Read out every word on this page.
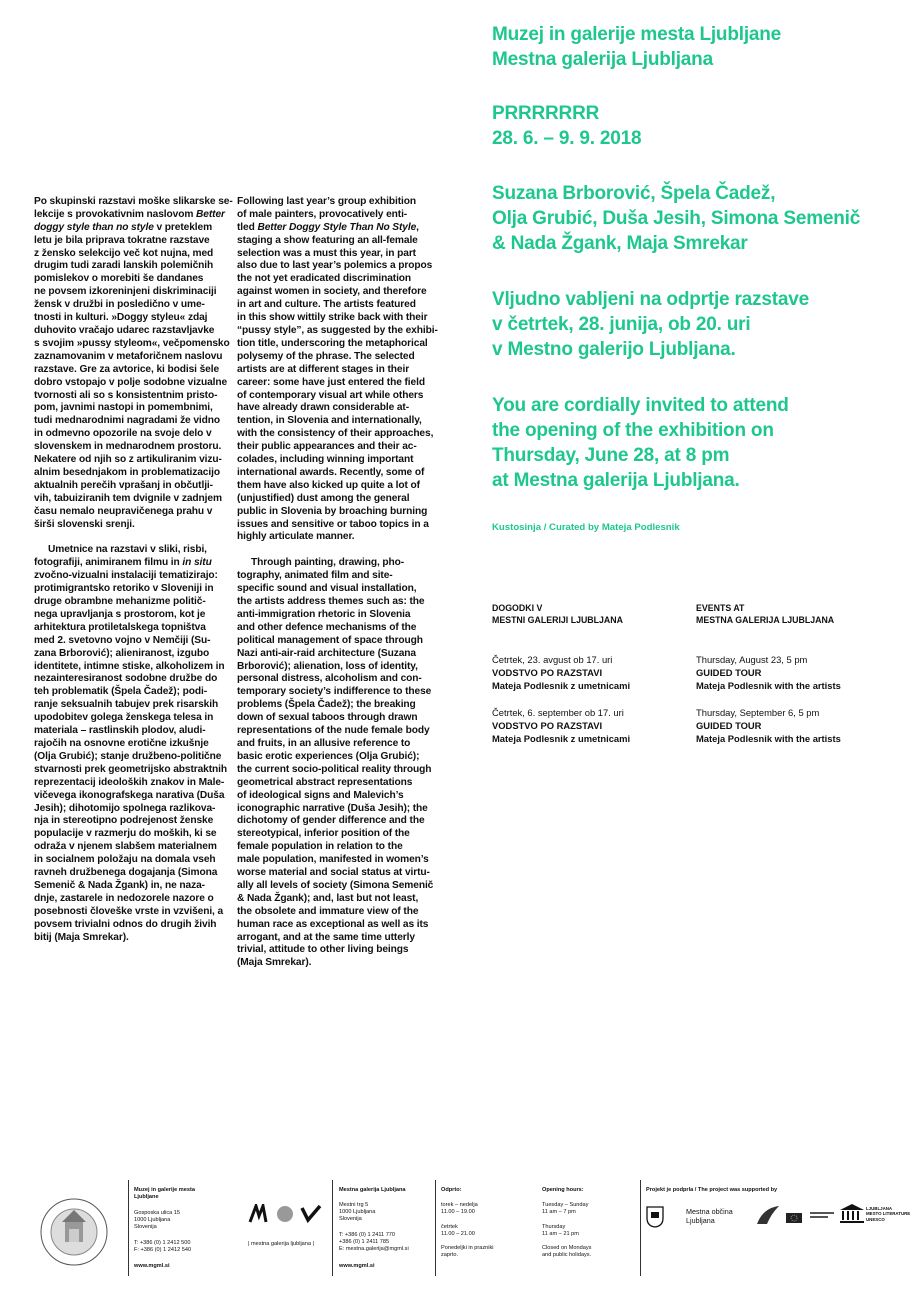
Muzej in galerije mesta Ljubljane
Mestna galerija Ljubljana
PRRRRRRR
28. 6. – 9. 9. 2018
Suzana Brborović, Špela Čadež,
Olja Grubić, Duša Jesih, Simona Semenič
& Nada Žgank, Maja Smrekar
Vljudno vabljeni na odprtje razstave
v četrtek, 28. junija, ob 20. uri
v Mestno galerijo Ljubljana.
You are cordially invited to attend
the opening of the exhibition on
Thursday, June 28, at 8 pm
at Mestna galerija Ljubljana.
Kustosinja / Curated by Mateja Podlesnik

Po skupinski razstavi moške slikarske se-
lekcije s provokativnim naslovom Better
doggy style than no style v preteklem
letu je bila priprava tokratne razstave
z žensko selekcijo več kot nujna, med
drugim tudi zaradi lanskih polemičnih
pomislekov o morebiti še dandanes
ne povsem izkoreninjeni diskriminaciji
žensk v družbi in posledično v ume-
tnosti in kulturi. »Doggy styleu« zdaj
duhovito vračajo udarec razstavljavke
s svojim »pussy styleom«, večpomensko
zaznamovanim v metaforičnem naslovu
razstave. Gre za avtorice, ki bodisi šele
dobro vstopajo v polje sodobne vizualne
tvornosti ali so s konsistentnim pristo-
pom, javnimi nastopi in pomembnimi,
tudi mednarodnimi nagradami že vidno
in odmevno opozorile na svoje delo v
slovenskem in mednarodnem prostoru.
Nekatere od njih so z artikuliranim vizu-
alnim besednjakom in problematizacijo
aktualnih perečih vprašanj in občutlji-
vih, tabuiziranih tem dvignile v zadnjem
času nemalo neupravičenega prahu v
širši slovenski srenji.

Umetnice na razstavi v sliki, risbi,
fotografiji, animiranem filmu in in situ
zvočno-vizualni instalaciji tematizirajo:
protimigrantsko retoriko v Sloveniji in
druge obrambne mehanizme politič-
nega upravljanja s prostorom, kot je
arhitektura protiletalskega topništva
med 2. svetovno vojno v Nemčiji (Su-
zana Brborović); alienirano​st, izgubo
identitete, intimne stiske, alkoholizem in
nezainteresiranost sodobne družbe do
teh problematik (Špela Čadež); podi-
ranje seksualnih tabujev prek risarskih
upodobitev golega ženskega telesa in
materiala – rastlinskih plodov, aludi-
rajočih na osnovne erotične izkušnje
(Olja Grubić); stanje družbeno-politične
stvarnosti prek geometrijsko abstraktnih
reprezentacij ideoloških znakov in Male-
vičevega ikonografskega narativa (Duša
Jesih); dihotomijo spolnega razlikova-
nja in stereotipno podrejenost ženske
populacije v razmerju do moških, ki se
odraža v njenem slabšem materialnem
in socialnem položaju na domala vseh
ravneh družbenega dogajanja (Simona
Semenič & Nada Žgank) in, ne naza-
dnje, zastarele in nedozorele nazore o
posebnosti človeške vrste in vzvišeni, a
povsem trivialni odnos do drugih živih
bitij (Maja Smrekar).

Following last year’s group exhibition
of male painters, provocatively enti-
tled Better Doggy Style Than No Style,
staging a show featuring an all-female
selection was a must this year, in part
also due to last year’s polemics a propos
the not yet eradicated discrimination
against women in society, and therefore
in art and culture. The artists featured
in this show wittily strike back with their
“pussy style”, as suggested by the exhibi-
tion title, underscoring the metaphorical
polysemy of the phrase. The selected
artists are at different stages in their
career: some have just entered the field
of contemporary visual art while others
have already drawn considerable at-
tention, in Slovenia and internationally,
with the consistency of their approaches,
their public appearances and their ac-
colades, including winning important
international awards. Recently, some of
them have also kicked up quite a lot of
(unjustified) dust among the general
public in Slovenia by broaching burning
issues and sensitive or taboo topics in a
highly articulate manner.

Through painting, drawing, pho-
tography, animated film and site-
specific sound and visual installation,
the artists address themes such as: the
anti-immigration rhetoric in Slovenia
and other defence mechanisms of the
political management of space through
Nazi anti-air-raid architecture (Suzana
Brborović); alienation, loss of identity,
personal distress, alcoholism and con-
temporary society’s indifference to these
problems (Špela Čadež); the breaking
down of sexual taboos through drawn
representations of the nude female body
and fruits, in an allusive reference to
basic erotic experiences (Olja Grubić);
the current socio-political reality through
geometrical abstract representations
of ideological signs and Malevich’s
iconographic narrative (Duša Jesih); the
dichotomy of gender difference and the
stereotypical, inferior position of the
female population in relation to the
male population, manifested in women’s
worse material and social status at virtu-
ally all levels of society (Simona Semenič
& Nada Žgank); and, last but not least,
the obsolete and immature view of the
human race as exceptional as well as its
arrogant, and at the same time utterly
trivial, attitude to other living beings
(Maja Smrekar).

DOGODKI V
MESTNI GALERIJI LJUBLJANA
Četrtek, 23. avgust ob 17. uri
VODSTVO PO RAZSTAVI
Mateja Podlesnik z umetnicami
Četrtek, 6. september ob 17. uri
VODSTVO PO RAZSTAVI
Mateja Podlesnik z umetnicami
EVENTS AT
MESTNA GALERIJA LJUBLJANA
Thursday, August 23, 5 pm
GUIDED TOUR
Mateja Podlesnik with the artists
Thursday, September 6, 5 pm
GUIDED TOUR
Mateja Podlesnik with the artists
Muzej in galerije mesta
Ljubljane
Gosposka ulica 15
1000 Ljubljana
Slovenija
T: +386 (0) 1 2412 500
F: +386 (0) 1 2412 540
www.mgml.si
| mestna galerija ljubljana |
Mestna galerija Ljubljana
Mestni trg 5
1000 Ljubljana
Slovenija
T: +386 (0) 1 2411 770
+386 (0) 1 2411 785
E: mestna.galerija@mgml.si
www.mgml.si
Odprto:
torek – nedelja
11.00 – 19.00

četrtek
11.00 – 21.00

Ponedeljki in prazniki
zaprto.
Opening hours:
Tuesday – Sunday
11 am – 7 pm

Thursday
11 am – 21 pm

Closed on Mondays
and public holidays.
Projekt je podprla / The project was supported by
Mestna občina
Ljubljana
LJUBLJANA
MESTO LITERATURE
UNESCO
